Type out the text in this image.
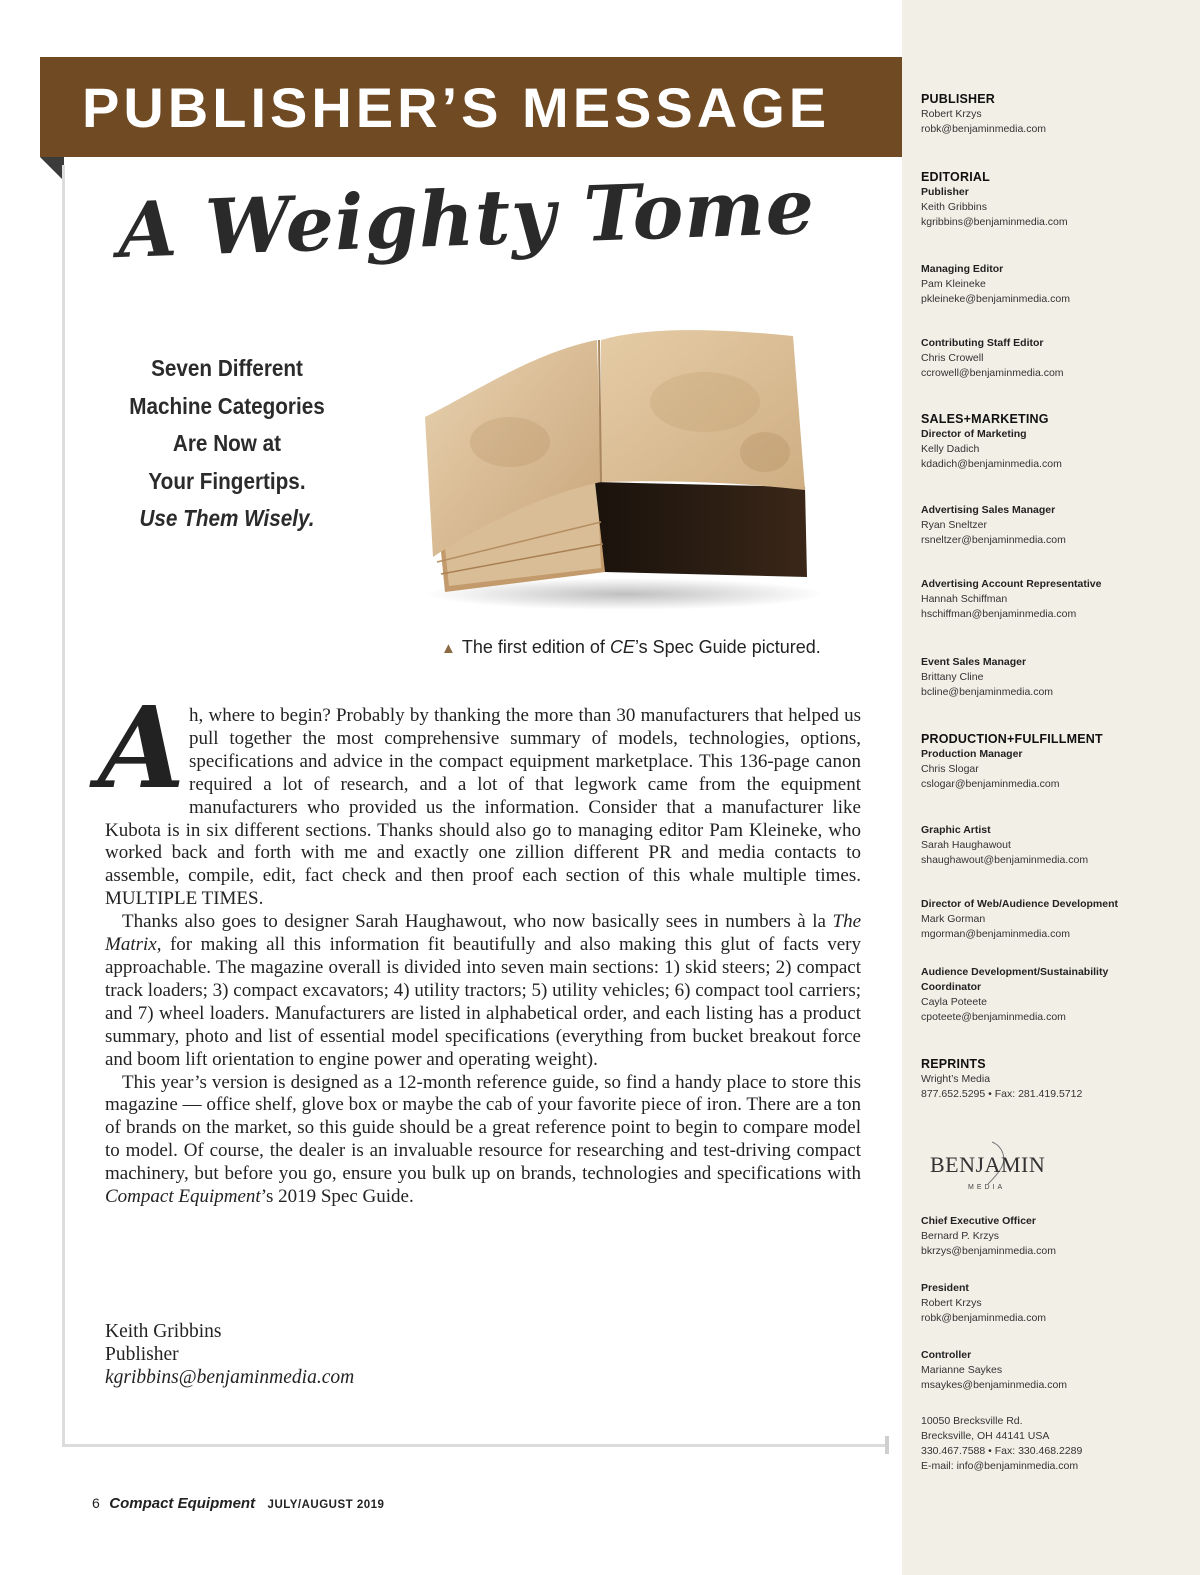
PUBLISHER’S MESSAGE
A Weighty Tome
Seven Different
Machine Categories
Are Now at
Your Fingertips.
Use Them Wisely.
▲ The first edition of CE’s Spec Guide pictured.
A h, where to begin? Probably by thanking the more than 30 manufacturers that helped us pull together the most comprehensive summary of models, technologies, options, specifications and advice in the compact equipment marketplace. This 136-page canon required a lot of research, and a lot of that legwork came from the equipment manufacturers who provided us the information. Consider that a manufacturer like Kubota is in six different sections. Thanks should also go to managing editor Pam Kleineke, who worked back and forth with me and exactly one zillion different PR and media contacts to assemble, compile, edit, fact check and then proof each section of this whale multiple times. MULTIPLE TIMES.

Thanks also goes to designer Sarah Haughawout, who now basically sees in numbers à la The Matrix, for making all this information fit beautifully and also making this glut of facts very approachable. The magazine overall is divided into seven main sections: 1) skid steers; 2) compact track loaders; 3) compact excavators; 4) utility tractors; 5) utility vehicles; 6) compact tool carriers; and 7) wheel loaders. Manufacturers are listed in alphabetical order, and each listing has a product summary, photo and list of essential model specifications (everything from bucket breakout force and boom lift orientation to engine power and operating weight).

This year’s version is designed as a 12-month reference guide, so find a handy place to store this magazine — office shelf, glove box or maybe the cab of your favorite piece of iron. There are a ton of brands on the market, so this guide should be a great reference point to begin to compare model to model. Of course, the dealer is an invaluable resource for researching and test-driving compact machinery, but before you go, ensure you bulk up on brands, technologies and specifications with Compact Equipment’s 2019 Spec Guide.

Keith Gribbins
Publisher
kgribbins@benjaminmedia.com
6 Compact Equipment JULY/AUGUST 2019
PUBLISHER
Robert Krzys
robk@benjaminmedia.com
EDITORIAL
Publisher
Keith Gribbins
kgribbins@benjaminmedia.com
Managing Editor
Pam Kleineke
pkleineke@benjaminmedia.com
Contributing Staff Editor
Chris Crowell
ccrowell@benjaminmedia.com
SALES+MARKETING
Director of Marketing
Kelly Dadich
kdadich@benjaminmedia.com
Advertising Sales Manager
Ryan Sneltzer
rsneltzer@benjaminmedia.com
Advertising Account Representative
Hannah Schiffman
hschiffman@benjaminmedia.com
Event Sales Manager
Brittany Cline
bcline@benjaminmedia.com
PRODUCTION+FULFILLMENT
Production Manager
Chris Slogar
cslogar@benjaminmedia.com
Graphic Artist
Sarah Haughawout
shaughawout@benjaminmedia.com
Director of Web/Audience Development
Mark Gorman
mgorman@benjaminmedia.com
Audience Development/Sustainability
Coordinator
Cayla Poteete
cpoteete@benjaminmedia.com
REPRINTS
Wright’s Media
877.652.5295 • Fax: 281.419.5712
Chief Executive Officer
Bernard P. Krzys
bkrzys@benjaminmedia.com
President
Robert Krzys
robk@benjaminmedia.com
Controller
Marianne Saykes
msaykes@benjaminmedia.com
10050 Brecksville Rd.
Brecksville, OH 44141 USA
330.467.7588 • Fax: 330.468.2289
E-mail: info@benjaminmedia.com
BENJAMIN
MEDIA
